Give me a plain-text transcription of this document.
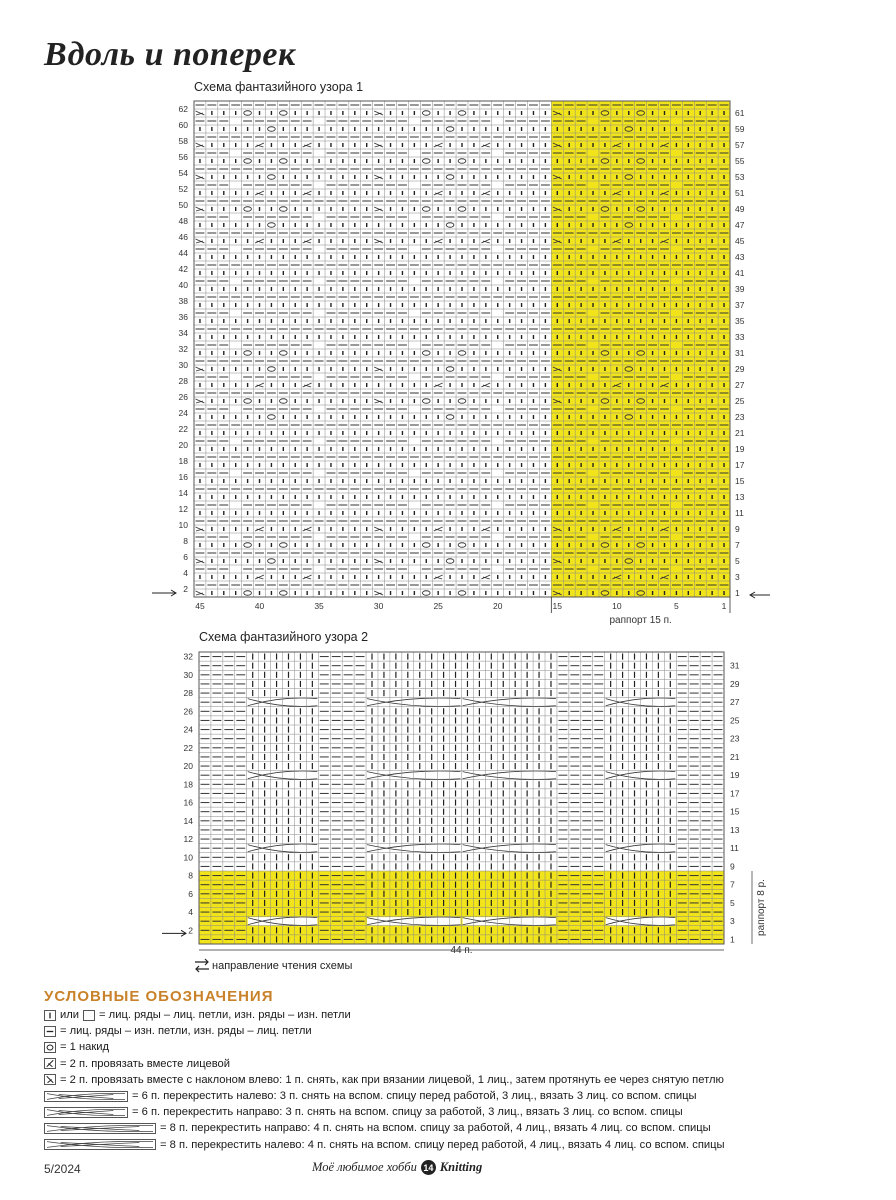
Вдоль и поперек
Схема фантазийного узора 1
62
60
58
56
54
52
50
48
46
44
42
40
38
36
34
32
30
28
26
24
22
20
18
16
14
12
10
8
6
4
2
61
59
57
55
53
51
49
47
45
43
41
39
37
35
33
31
29
27
25
23
21
19
17
15
13
11
9
7
5
3
1
45	40	35	30	25	20	15	10	5	1
раппорт 15 п.
Схема фантазийного узора 2
32
30
28
26
24
22
20
18
16
14
12
10
8
6
4
2
31
29
27
25
23
21
19
17
15
13
11
9
7
5
3
1
44 п.
раппорт 8 р.
направление чтения схемы
УСЛОВНЫЕ ОБОЗНАЧЕНИЯ
или = лиц. ряды – лиц. петли, изн. ряды – изн. петли
= лиц. ряды – изн. петли, изн. ряды – лиц. петли
= 1 накид
= 2 п. провязать вместе лицевой
= 2 п. провязать вместе с наклоном влево: 1 п. снять, как при вязании лицевой, 1 лиц., затем протянуть ее через снятую петлю
= 6 п. перекрестить налево: 3 п. снять на вспом. спицу перед работой, 3 лиц., вязать 3 лиц. со вспом. спицы
= 6 п. перекрестить направо: 3 п. снять на вспом. спицу за работой, 3 лиц., вязать 3 лиц. со вспом. спицы
= 8 п. перекрестить направо: 4 п. снять на вспом. спицу за работой, 4 лиц., вязать 4 лиц. со вспом. спицы
= 8 п. перекрестить налево: 4 п. снять на вспом. спицу перед работой, 4 лиц., вязать 4 лиц. со вспом. спицы
5/2024	Моё любимое хобби 14 Knitting
